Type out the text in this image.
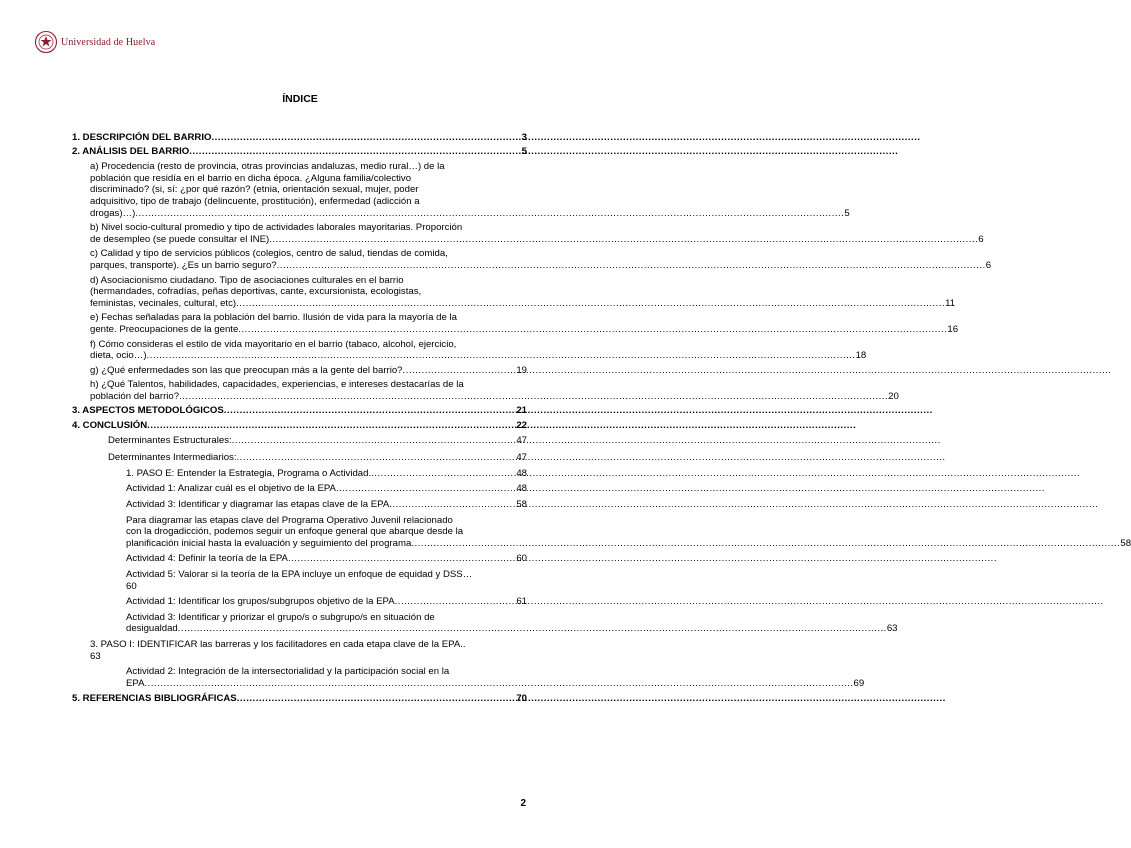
Universidad de Huelva
ÍNDICE
1. DESCRIPCIÓN DEL BARRIO .....	3
2. ANÁLISIS DEL BARRIO .....	5
a) Procedencia (resto de provincia, otras provincias andaluzas, medio rural…) de la
población que residía en el barrio en dicha época. ¿Alguna familia/colectivo
discriminado? (si, sí: ¿por qué razón? (etnia, orientación sexual, mujer, poder
adquisitivo, tipo de trabajo (delincuente, prostitución), enfermedad (adicción a
drogas)…) .....	5
b) Nivel socio-cultural promedio y tipo de actividades laborales mayoritarias. Proporción
de desempleo (se puede consultar el INE) .....	6
c) Calidad y tipo de servicios públicos (colegios, centro de salud, tiendas de comida,
parques, transporte). ¿Es un barrio seguro? .....	6
d) Asociacionismo ciudadano. Tipo de asociaciones culturales en el barrio
(hermandades, cofradías, peñas deportivas, cante, excursionista, ecologistas,
feministas, vecinales, cultural, etc) .....	11
e) Fechas señaladas para la población del barrio. Ilusión de vida para la mayoría de la
gente. Preocupaciones de la gente .....	16
f) Cómo consideras el estilo de vida mayoritario en el barrio (tabaco, alcohol, ejercicio,
dieta, ocio…) .....	18
g) ¿Qué enfermedades son las que preocupan más a la gente del barrio? .....	19
h) ¿Qué Talentos, habilidades, capacidades, experiencias, e intereses destacarías de la
población del barrio? .....	20
3. ASPECTOS METODOLÓGICOS .....	21
4. CONCLUSIÓN .....	22
Determinantes Estructurales: .....	47
Determinantes Intermediarios: .....	47
1. PASO E: Entender la Estrategia, Programa o Actividad. .....	48
Actividad 1: Analizar cuál es el objetivo de la EPA .....	48
Actividad 3: Identificar y diagramar las etapas clave de la EPA .....	58
Para diagramar las etapas clave del Programa Operativo Juvenil relacionado
con la drogadicción, podemos seguir un enfoque general que abarque desde la
planificación inicial hasta la evaluación y seguimiento del programa .....	58
Actividad 4: Definir la teoría de la EPA .....	60
Actividad 5: Valorar si la teoría de la EPA incluye un enfoque de equidad y DSS…
60
Actividad 1: Identificar los grupos/subgrupos objetivo de la EPA .....	61
Actividad 3: Identificar y priorizar el grupo/s o subgrupo/s en situación de
desigualdad .....	63
3. PASO I: IDENTIFICAR las barreras y los facilitadores en cada etapa clave de la EPA..
63
Actividad 2: Integración de la intersectorialidad y la participación social en la
EPA .....	69
5. REFERENCIAS BIBLIOGRÁFICAS .....	70
2
